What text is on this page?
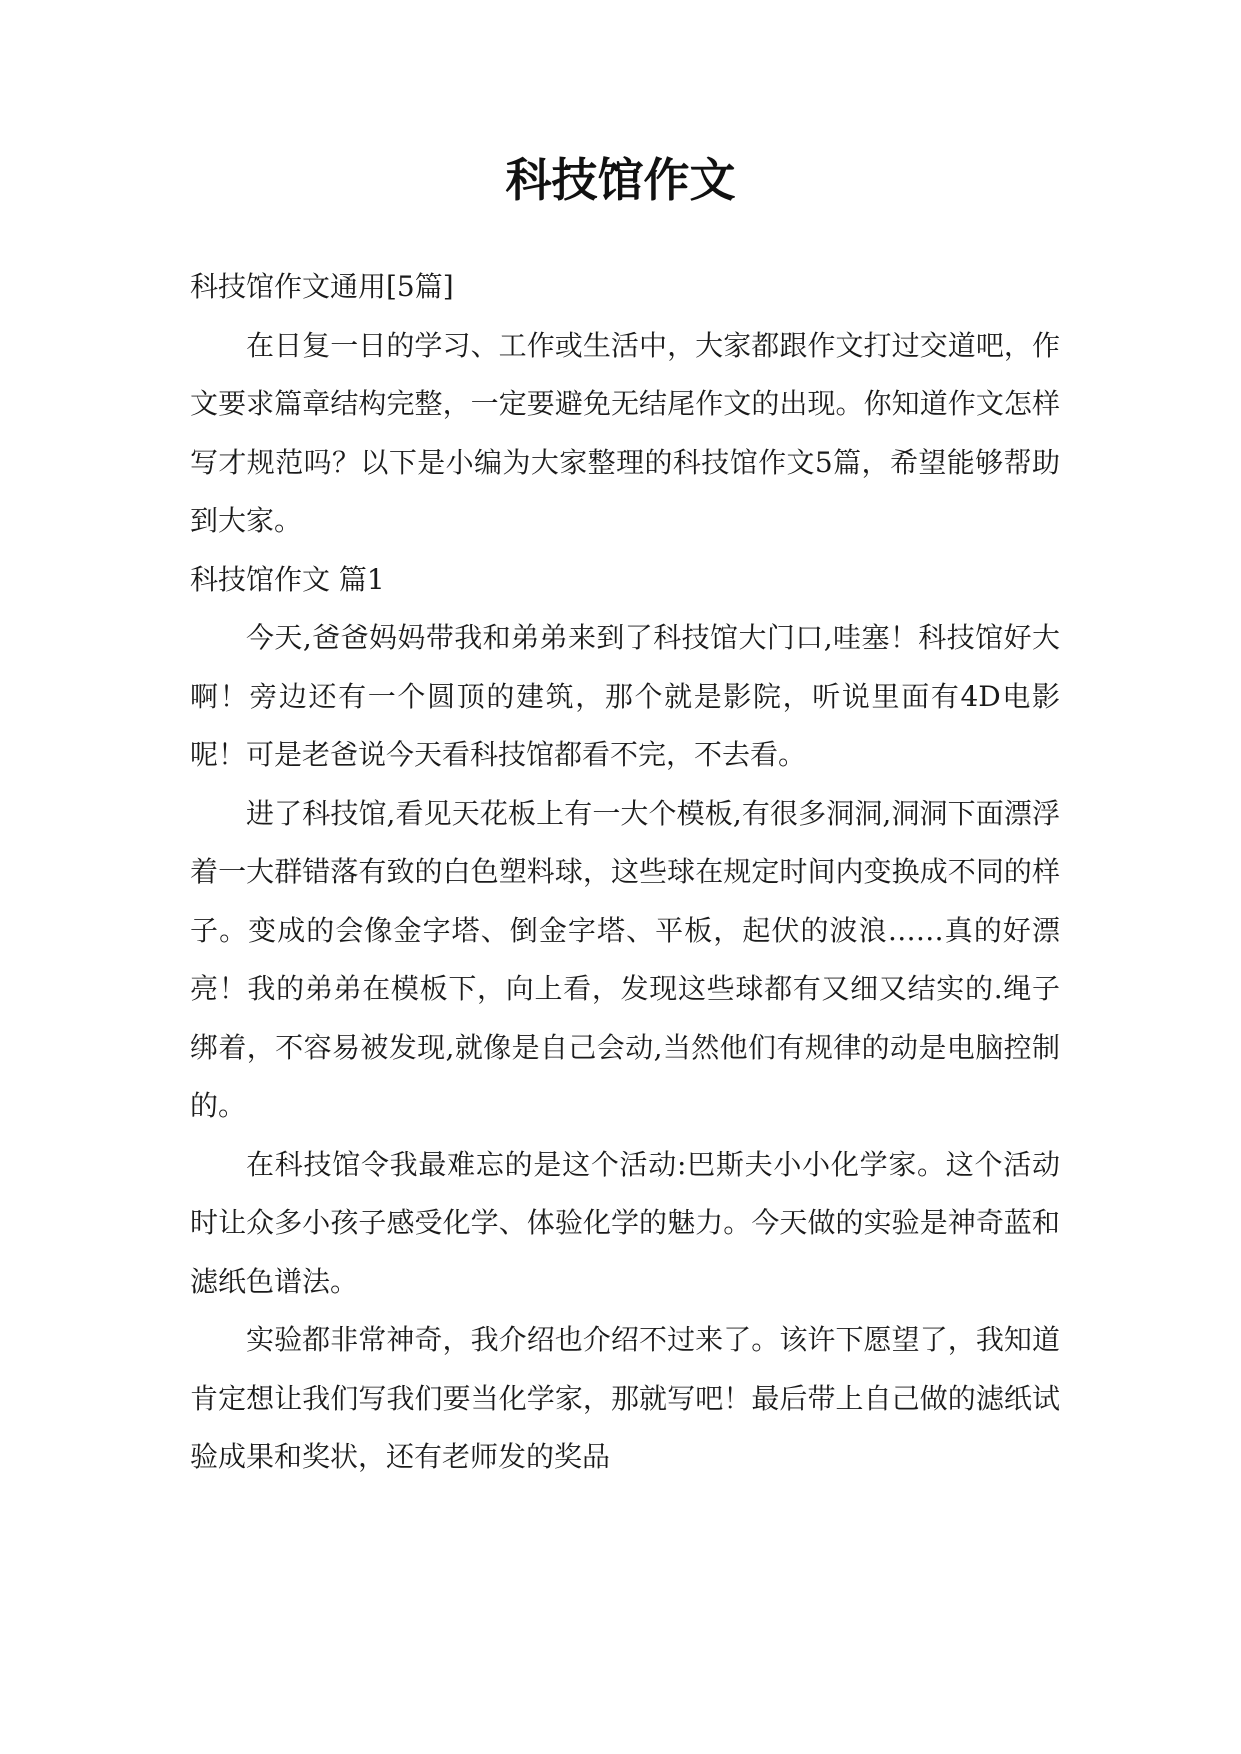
科技馆作文

科技馆作文通用[5篇]

在日复一日的学习、工作或生活中，大家都跟作文打过交道吧，作文要求篇章结构完整，一定要避免无结尾作文的出现。你知道作文怎样写才规范吗？以下是小编为大家整理的科技馆作文5篇，希望能够帮助到大家。

科技馆作文 篇1

今天,爸爸妈妈带我和弟弟来到了科技馆大门口,哇塞！科技馆好大啊！旁边还有一个圆顶的建筑，那个就是影院，听说里面有4D电影呢！可是老爸说今天看科技馆都看不完，不去看。

进了科技馆,看见天花板上有一大个模板,有很多洞洞,洞洞下面漂浮着一大群错落有致的白色塑料球，这些球在规定时间内变换成不同的样子。变成的会像金字塔、倒金字塔、平板，起伏的波浪……真的好漂亮！我的弟弟在模板下，向上看，发现这些球都有又细又结实的.绳子绑着，不容易被发现,就像是自己会动,当然他们有规律的动是电脑控制的。

在科技馆令我最难忘的是这个活动:巴斯夫小小化学家。这个活动时让众多小孩子感受化学、体验化学的魅力。今天做的实验是神奇蓝和滤纸色谱法。

实验都非常神奇，我介绍也介绍不过来了。该许下愿望了，我知道肯定想让我们写我们要当化学家，那就写吧！最后带上自己做的滤纸试验成果和奖状，还有老师发的奖品
